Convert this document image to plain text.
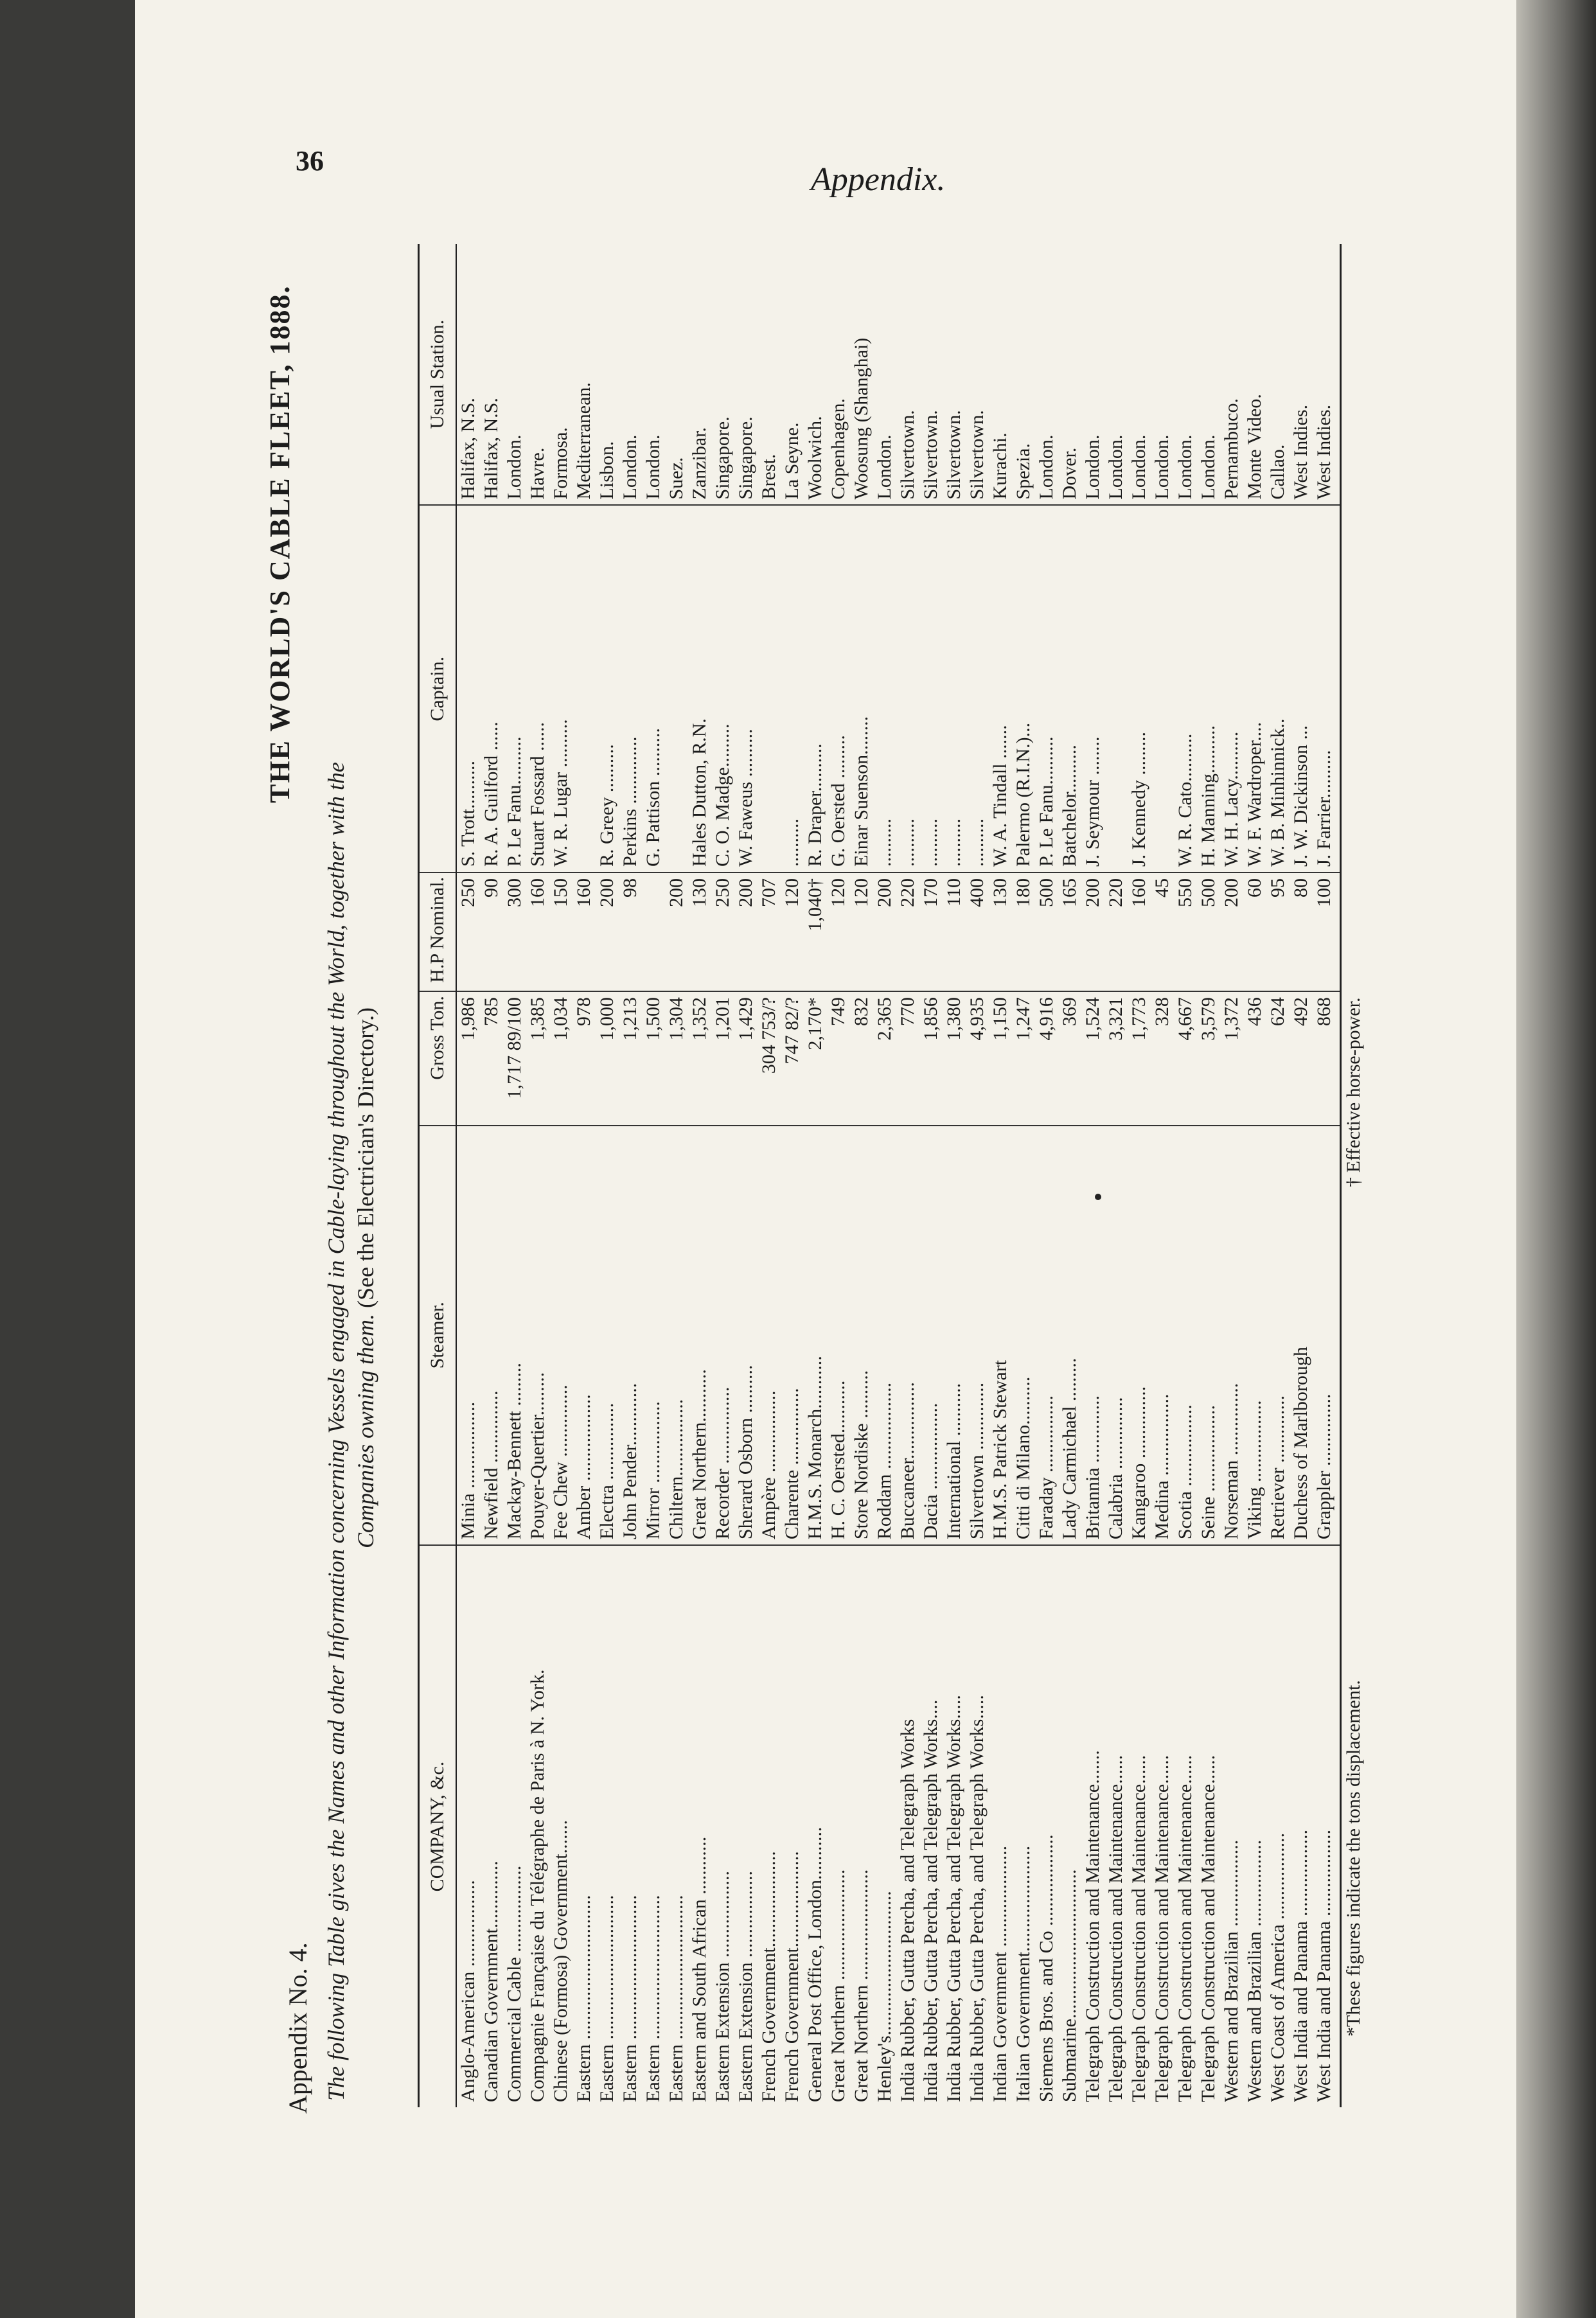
36
Appendix.
Appendix No. 4.
THE WORLD'S CABLE FLEET, 1888.
The following Table gives the Names and other Information concerning Vessels engaged in Cable-laying throughout the World, together with the Companies owning them. (See the Electrician's Directory.)
COMPANY, &c.	Steamer.	Gross Ton.	H.P Nominal.	Captain.	Usual Station.
Anglo-American ..................	Minia ..................	1,986	250	S. Trott..........	Halifax, N.S.
Canadian Government..............	Newfield ...............	785	90	R. A. Guilford ......	Halifax, N.S.
Commercial Cable ..................	Mackay-Bennett .........	1,717 89/100	300	P. Le Fanu..........	London.
Compagnie Française du Télégraphe de Paris à N. York.	Pouyer-Quertier.........	1,385	160	Stuart Fossard ......	Havre.
Chinese (Formosa) Government.......	Fee Chew ...............	1,034	150	W. R. Lugar ..........	Formosa.
Eastern ..............................	Amber ..................	978	160		Mediterranean.
Eastern ..............................	Electra ................	1,000	200	R. Greey ..........	Lisbon.
Eastern ..............................	John Pender.............	1,213	98	Perkins ..............	London.
Eastern ..............................	Mirror .................	1,500		G. Pattison ..........	London.
Eastern ..............................	Chiltern................	1,304	200		Suez.
Eastern and South African ............	Great Northern...........	1,352	130	Hales Dutton, R.N.	Zanzibar.
Eastern Extension ..................	Recorder ................	1,201	250	C. O. Madge.........	Singapore.
Eastern Extension ..................	Sherard Osborn ..........	1,429	200	W. Faweus ..........	Singapore.
French Government....................	Ampère .................	304 753/?	707		Brest.
French Government....................	Charente ................	747 82/?	120	..........	La Seyne.
General Post Office, London...........	H.M.S. Monarch...........	2,170*	1,040†	R. Draper..........	Woolwich.
Great Northern .......................	H. C. Oersted...........	749	120	G. Oersted .........	Copenhagen.
Great Northern .......................	Store Nordiske ..........	832	120	Einar Suenson........	Woosung (Shanghai)
Henley's..............................	Roddam ..................	2,365	200	..........	London.
India Rubber, Gutta Percha, and Telegraph Works	Buccaneer................	770	220	..........	Silvertown.
India Rubber, Gutta Percha, and Telegraph Works....	Dacia ..................	1,856	170	..........	Silvertown.
India Rubber, Gutta Percha, and Telegraph Works.....	International ...........	1,380	110	..........	Silvertown.
India Rubber, Gutta Percha, and Telegraph Works.....	Silvertown ..............	4,935	400	..........	Silvertown.
Indian Government .....................	H.M.S. Patrick Stewart	1,150	130	W. A. Tindall .......	Kurachi.
Italian Government......................	Citti di Milano..........	1,247	180	Palermo (R.I.N.)...	Spezia.
Siemens Bros. and Co ...................	Faraday ................	4,916	500	P. Le Fanu..........	London.
Submarine...............................	Lady Carmichael .........	369	165	Batchelor..........	Dover.
Telegraph Construction and Maintenance.......	Britannia ..............	1,524	200	J. Seymour ........	London.
Telegraph Construction and Maintenance......	Calabria ...............	3,321	220		London.
Telegraph Construction and Maintenance......	Kangaroo ...............	1,773	160	J. Kennedy .........	London.
Telegraph Construction and Maintenance......	Medina .................	328	45		London.
Telegraph Construction and Maintenance......	Scotia .................	4,667	550	W. R. Cato..........	London.
Telegraph Construction and Maintenance......	Seine ..................	3,579	500	H. Manning..........	London.
Western and Brazilian ..................	Norseman ...............	1,372	200	W. H. Lacy..........	Pernambuco.
Western and Brazilian ..................	Viking .................	436	60	W. F. Wardroper....	Monte Video.
West Coast of America ..................	Retriever ..............	624	95	W. B. Minhinnick..	Callao.
West India and Panama ..................	Duchess of Marlborough	492	80	J. W. Dickinson ...	West Indies.
West India and Panama ..................	Grappler ...............	868	100	J. Farrier..........	West Indies.
*These figures indicate the tons displacement. † Effective horse-power.
